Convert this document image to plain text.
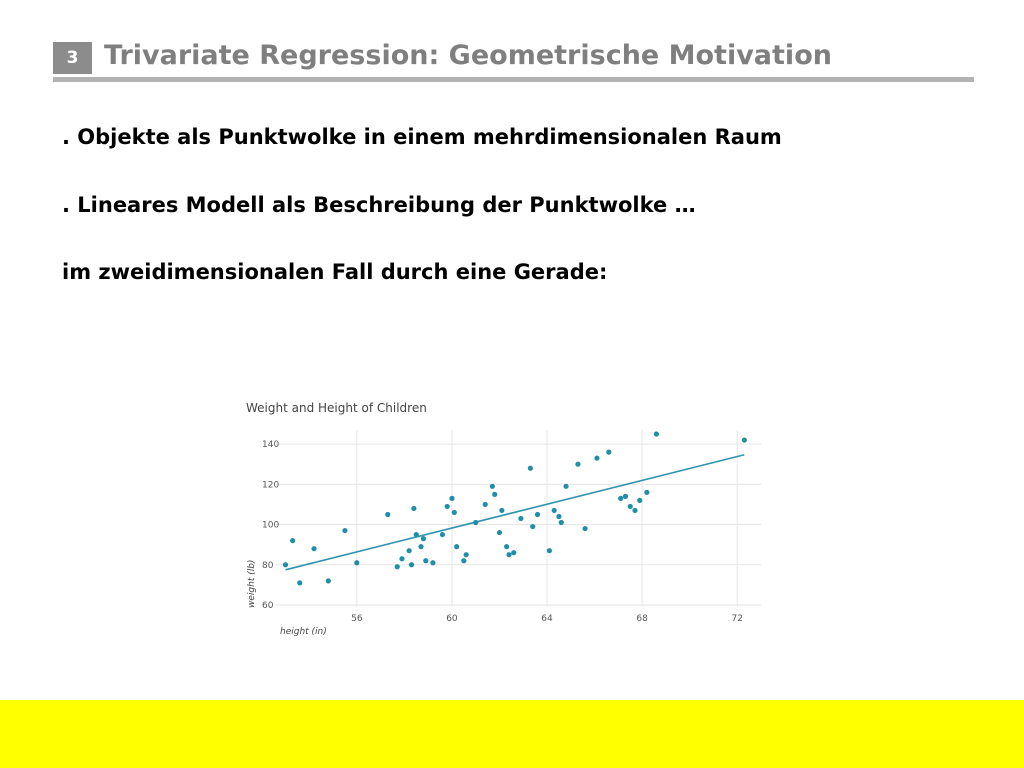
3 Trivariate Regression: Geometrische Motivation
. Objekte als Punktwolke in einem mehrdimensionalen Raum
. Lineares Modell als Beschreibung der Punktwolke …
im zweidimensionalen Fall durch eine Gerade:
Weight and Height of Children
60
80
100
120
140
56	60	64	68	72
height (in)
weight (lb)
